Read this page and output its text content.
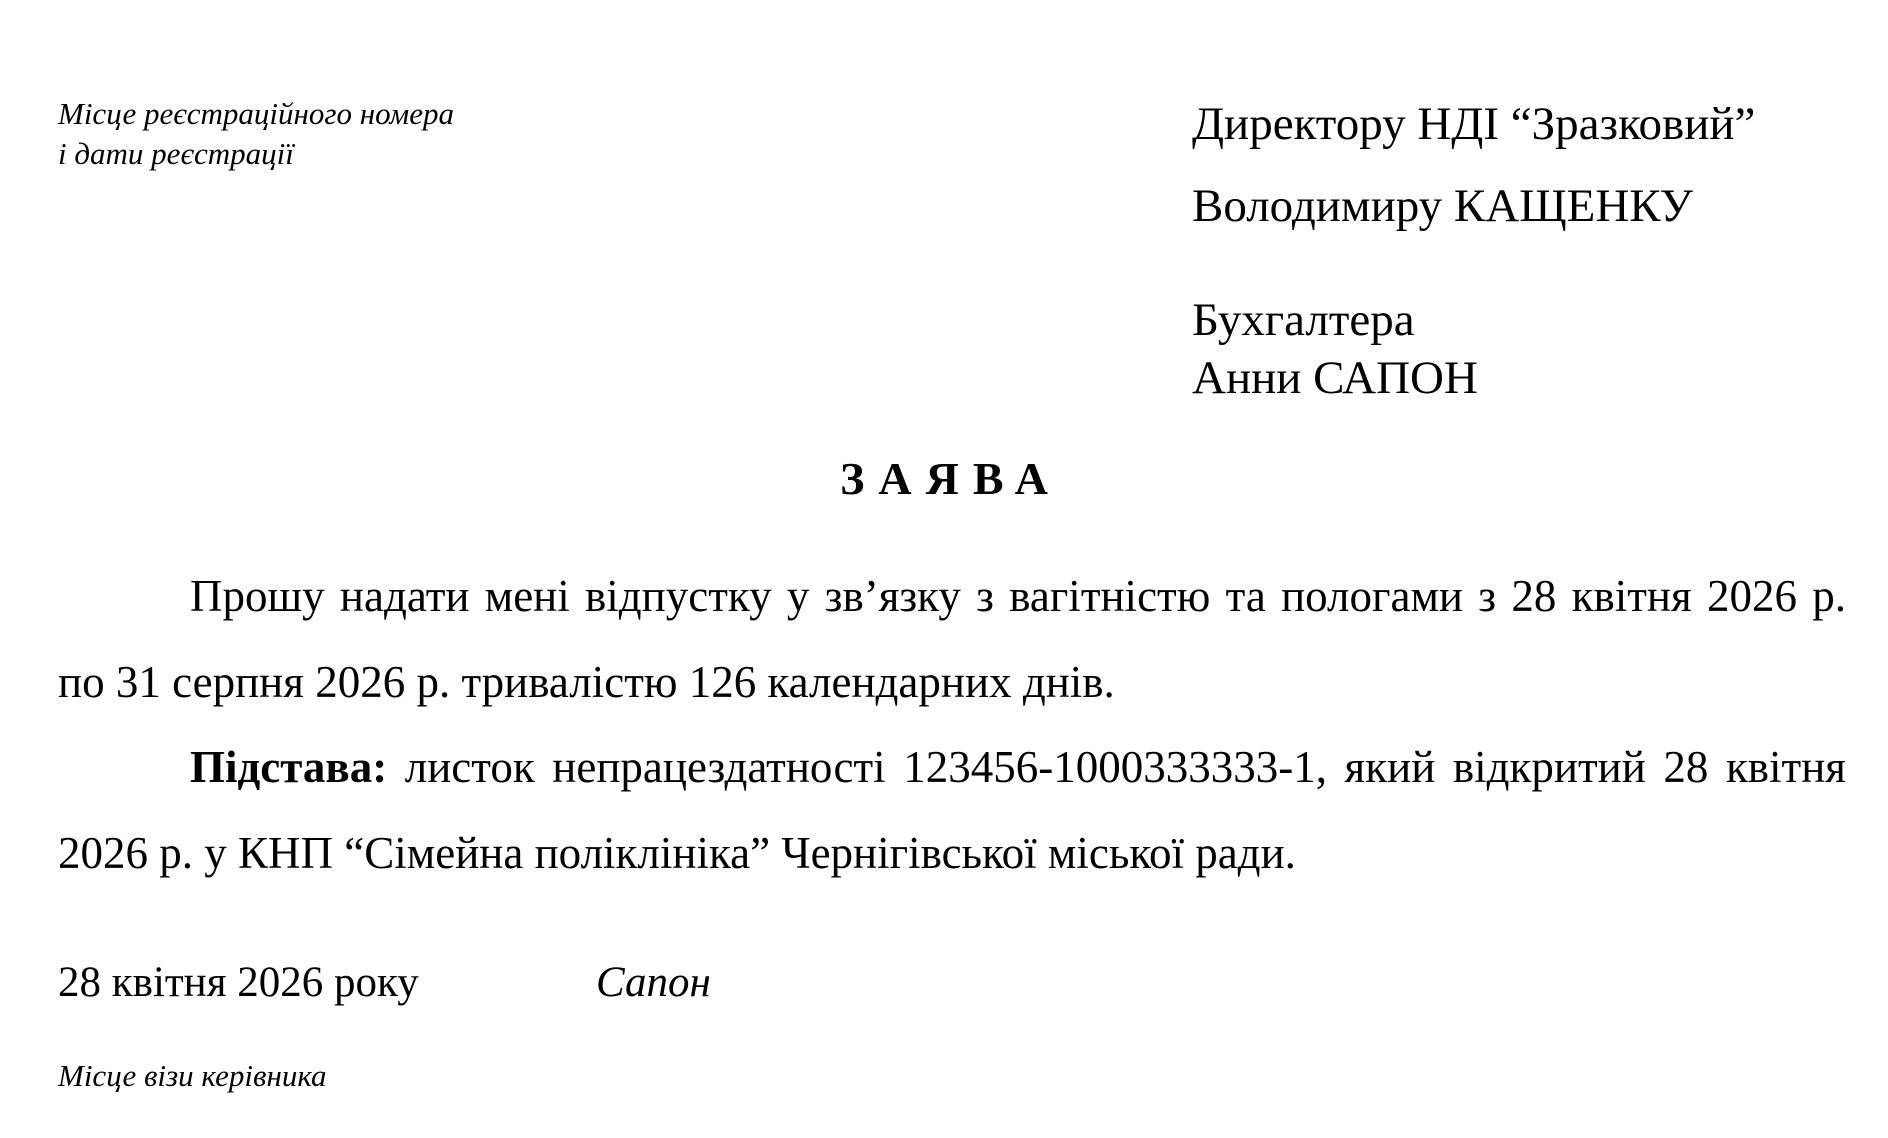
Місце реєстраційного номера
і дати реєстрації
Директору НДІ “Зразковий”
Володимиру КАЩЕНКУ
Бухгалтера
Анни САПОН
ЗАЯВА
Прошу надати мені відпустку у зв’язку з вагітністю та пологами з 28 квітня 2026 р. по 31 серпня 2026 р. тривалістю 126 календарних днів.
Підстава: листок непрацездатності 123456-1000333333-1, який відкритий 28 квітня 2026 р. у КНП “Сімейна поліклініка” Чернігівської міської ради.
28 квітня 2026 року	Сапон
Місце візи керівника
